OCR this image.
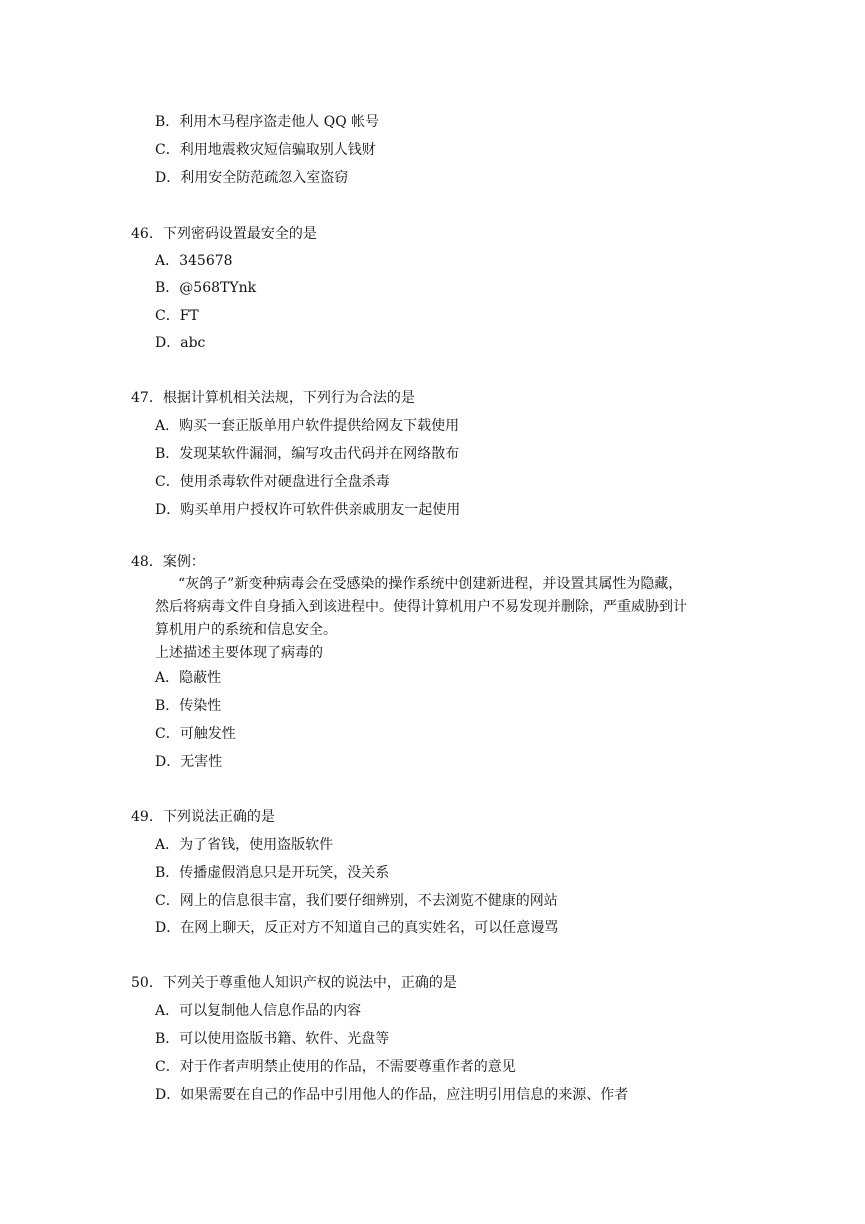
B．利用木马程序盗走他人 QQ 帐号
C．利用地震救灾短信骗取别人钱财
D．利用安全防范疏忽入室盗窃
46．下列密码设置最安全的是
A．345678
B．@568TYnk
C．FT
D．abc
47．根据计算机相关法规，下列行为合法的是
A．购买一套正版单用户软件提供给网友下载使用
B．发现某软件漏洞，编写攻击代码并在网络散布
C．使用杀毒软件对硬盘进行全盘杀毒
D．购买单用户授权许可软件供亲戚朋友一起使用
48．案例：
“灰鸽子”新变种病毒会在受感染的操作系统中创建新进程，并设置其属性为隐藏，
然后将病毒文件自身插入到该进程中。使得计算机用户不易发现并删除，严重威胁到计
算机用户的系统和信息安全。
上述描述主要体现了病毒的
A．隐蔽性
B．传染性
C．可触发性
D．无害性
49．下列说法正确的是
A．为了省钱，使用盗版软件
B．传播虚假消息只是开玩笑，没关系
C．网上的信息很丰富，我们要仔细辨别，不去浏览不健康的网站
D．在网上聊天，反正对方不知道自己的真实姓名，可以任意谩骂
50．下列关于尊重他人知识产权的说法中，正确的是
A．可以复制他人信息作品的内容
B．可以使用盗版书籍、软件、光盘等
C．对于作者声明禁止使用的作品，不需要尊重作者的意见
D．如果需要在自己的作品中引用他人的作品，应注明引用信息的来源、作者
